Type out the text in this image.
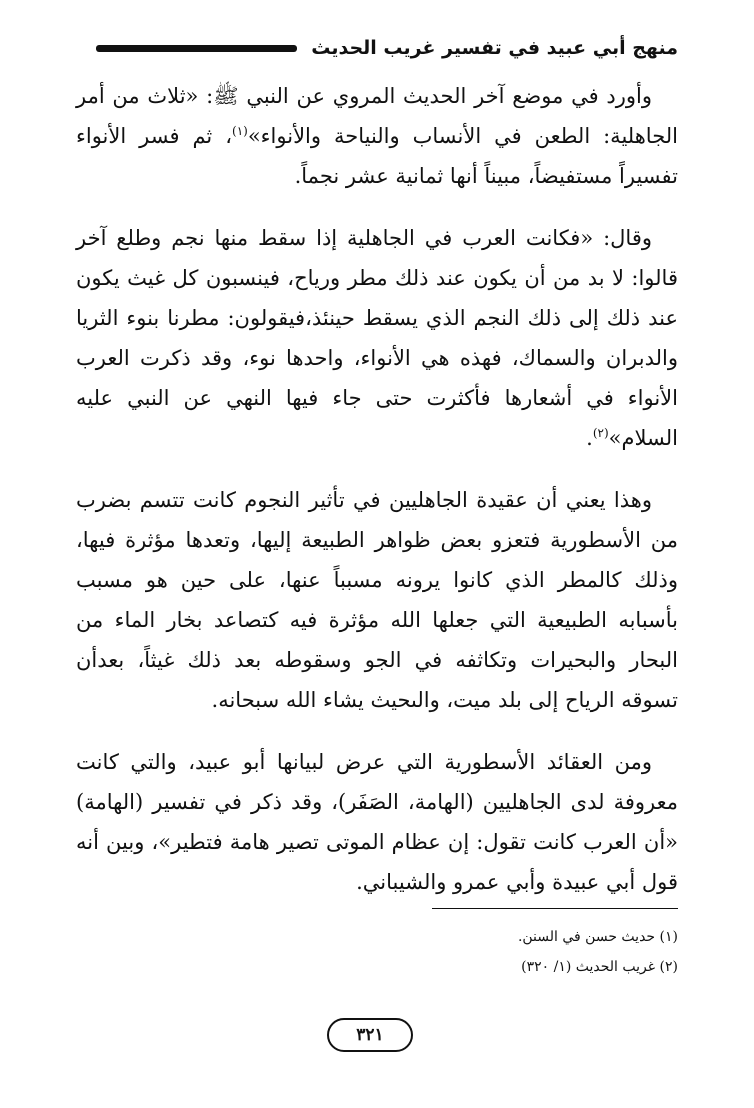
منهج أبي عبيد في تفسير غريب الحديث

وأورد في موضع آخر الحديث المروي عن النبي ﷺ: «ثلاث من أمر الجاهلية: الطعن في الأنساب والنياحة والأنواء»$^{(١)}$، ثم فسر الأنواء تفسيراً مستفيضاً، مبيناً أنها ثمانية عشر نجماً.

وقال: «فكانت العرب في الجاهلية إذا سقط منها نجم وطلع آخر قالوا: لا بد من أن يكون عند ذلك مطر ورياح، فينسبون كل غيث يكون عند ذلك إلى ذلك النجم الذي يسقط حينئذ،فيقولون: مطرنا بنوء الثريا والدبران والسماك، فهذه هي الأنواء، واحدها نوء، وقد ذكرت العرب الأنواء في أشعارها فأكثرت حتى جاء فيها النهي عن النبي عليه السلام»$^{(٢)}$.

وهذا يعني أن عقيدة الجاهليين في تأثير النجوم كانت تتسم بضرب من الأسطورية فتعزو بعض ظواهر الطبيعة إليها، وتعدها مؤثرة فيها، وذلك كالمطر الذي كانوا يرونه مسبباً عنها، على حين هو مسبب بأسبابه الطبيعية التي جعلها الله مؤثرة فيه كتصاعد بخار الماء من البحار والبحيرات وتكاثفه في الجو وسقوطه بعد ذلك غيثاً، بعدأن تسوقه الرياح إلى بلد ميت، والىحيث يشاء الله سبحانه.

ومن العقائد الأسطورية التي عرض لبيانها أبو عبيد، والتي كانت معروفة لدى الجاهليين (الهامة، الصَفَر)، وقد ذكر في تفسير (الهامة) «أن العرب كانت تقول: إن عظام الموتى تصير هامة فتطير»، وبين أنه قول أبي عبيدة وأبي عمرو والشيباني.

(١) حديث حسن في السنن.
(٢) غريب الحديث (١/ ٣٢٠)
٣٢١
